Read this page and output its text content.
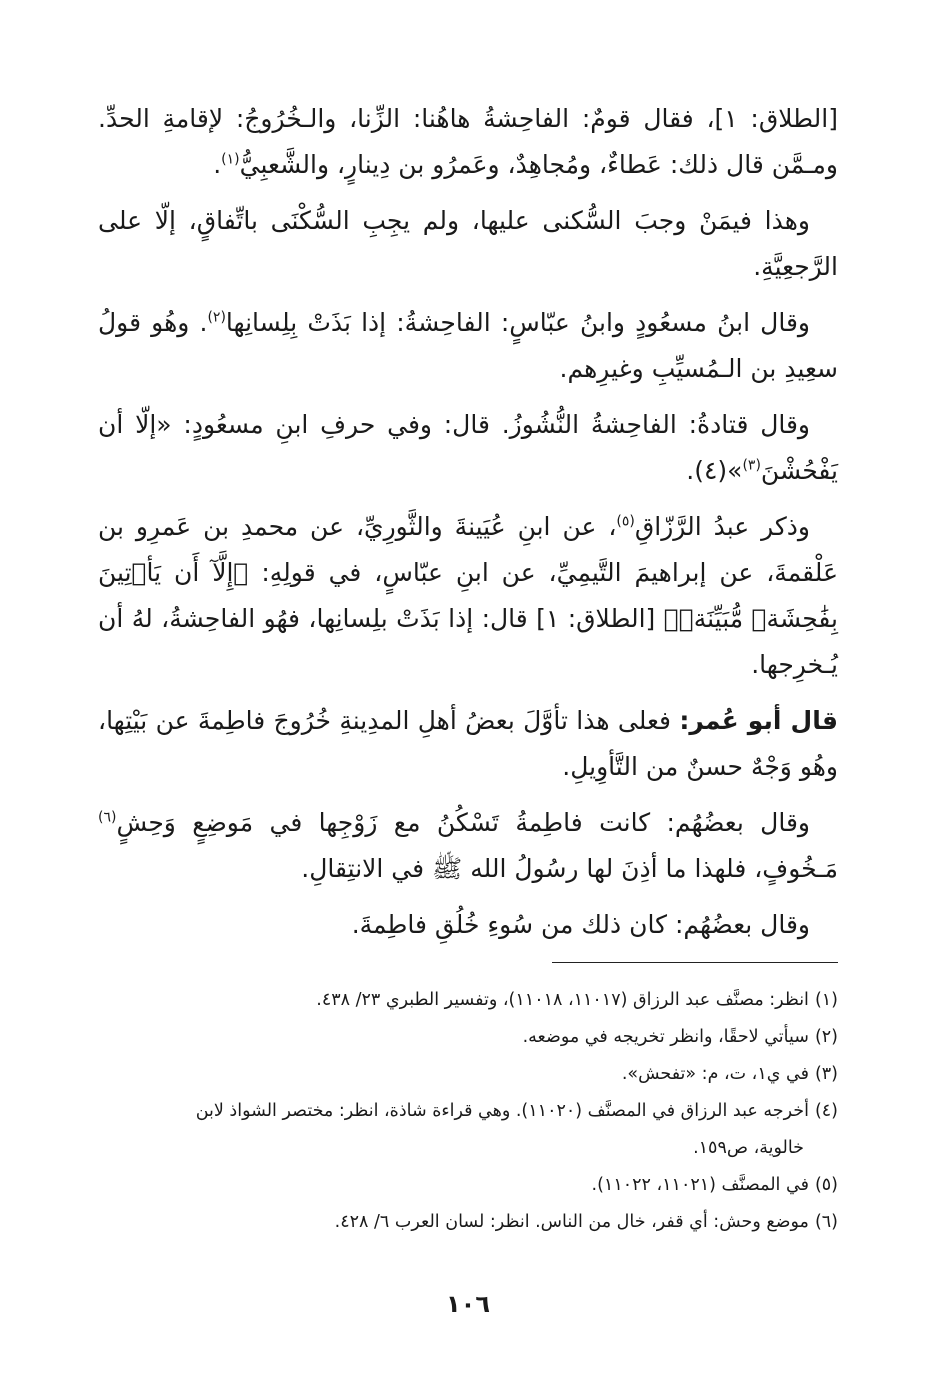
[الطلاق: ١]، فقال قومٌ: الفاحِشةُ هاهُنا: الزِّنا، والـخُرُوجُ: لإقامةِ الحدِّ. ومـمَّن قال ذلك: عَطاءٌ، ومُجاهِدٌ، وعَمرُو بن دِينارٍ، والشَّعبِيُّ$^{(١)}$.

وهذا فيمَنْ وجبَ السُّكنى عليها، ولم يجِبِ السُّكْنَى باتِّفاقٍ، إلّا على الرَّجعِيَّةِ.

وقال ابنُ مسعُودٍ وابنُ عبّاسٍ: الفاحِشةُ: إذا بَذَتْ بِلِسانِها$^{(٢)}$. وهُو قولُ سعِيدِ بن الـمُسيِّبِ وغيرِهم.

وقال قتادةُ: الفاحِشةُ النُّشُوزُ. قال: وفي حرفِ ابنِ مسعُودٍ: «إلّا أن يَفْحُشْنَ$^{(٣)}$»(٤).

وذكر عبدُ الرَّزّاقِ$^{(٥)}$، عن ابنِ عُيَينةَ والثَّورِيِّ، عن محمدِ بن عَمرِو بن عَلْقمةَ، عن إبراهيمَ التَّيمِيِّ، عن ابنِ عبّاسٍ، في قولِهِ: ﴿إِلَّآ أَن يَأۡتِينَ بِفَٰحِشَةٖ مُّبَيِّنَةٖ﴾ [الطلاق: ١] قال: إذا بَذَتْ بلِسانِها، فهُو الفاحِشةُ، لهُ أن يُـخرِجها.

قال أبو عُمر: فعلى هذا تأوَّلَ بعضُ أهلِ المدِينةِ خُرُوجَ فاطِمةَ عن بَيْتِها، وهُو وَجْهٌ حسنٌ من التَّأوِيلِ.

وقال بعضُهُم: كانت فاطِمةُ تَسْكُنُ مع زَوْجِها في مَوضِعٍ وَحِشٍ$^{(٦)}$ مَـخُوفٍ، فلهذا ما أذِنَ لها رسُولُ الله ﷺ في الانتِقالِ.

وقال بعضُهُم: كان ذلك من سُوءِ خُلُقِ فاطِمةَ.

(١)انظر: مصنَّف عبد الرزاق (١١٠١٧، ١١٠١٨)، وتفسير الطبري ٢٣/ ٤٣٨.

(٢)سيأتي لاحقًا، وانظر تخريجه في موضعه.

(٣)في ي١، ت، م: «تفحش».

(٤)أخرجه عبد الرزاق في المصنَّف (١١٠٢٠). وهي قراءة شاذة، انظر: مختصر الشواذ لابن

خالوية، ص١٥٩.

(٥)في المصنَّف (١١٠٢١، ١١٠٢٢).

(٦)موضع وحش: أي قفر، خال من الناس. انظر: لسان العرب ٦/ ٤٢٨.

١٠٦
